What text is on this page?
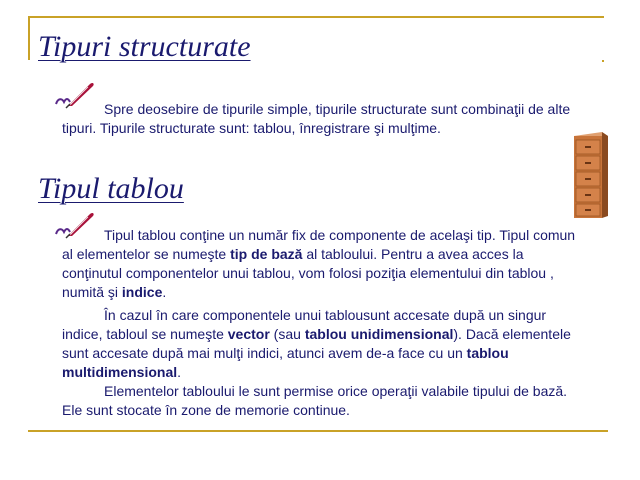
Tipuri structurate

Spre deosebire de tipurile simple, tipurile structurate sunt combinaţii de alte tipuri. Tipurile structurate sunt: tablou, înregistrare şi mulţime.

Tipul tablou

Tipul tablou conţine un număr fix de componente de acelaşi tip. Tipul comun al elementelor se numeşte tip de bază al tabloului. Pentru a avea acces la conţinutul componentelor unui tablou, vom folosi poziţia elementului din tablou , numită şi indice.

În cazul în care componentele unui tablousunt accesate după un singur indice, tabloul se numeşte vector (sau tablou unidimensional). Dacă elementele sunt accesate după mai mulţi indici, atunci avem de-a face cu un tablou multidimensional.

Elementelor tabloului le sunt permise orice operaţii valabile tipului de bază. Ele sunt stocate în zone de memorie continue.
